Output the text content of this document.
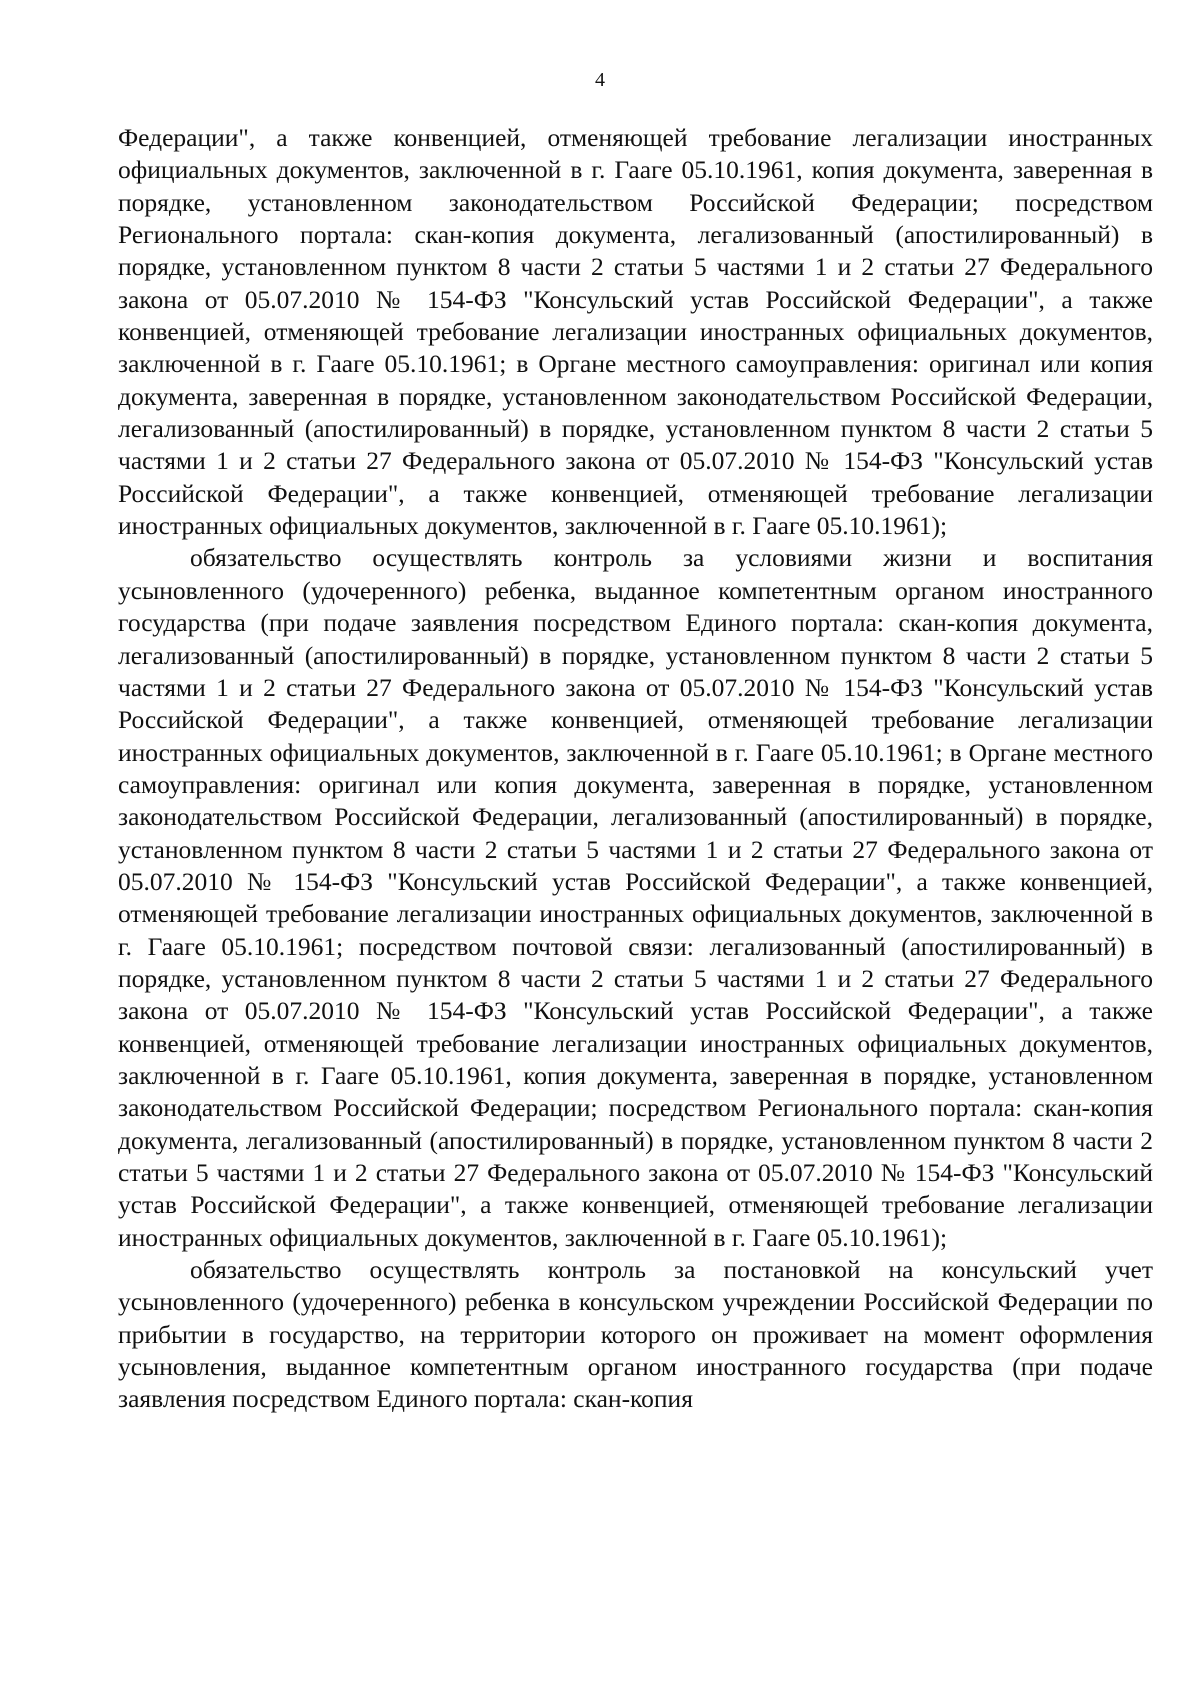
4

Федерации", а также конвенцией, отменяющей требование легализации иностранных официальных документов, заключенной в г. Гааге 05.10.1961, копия документа, заверенная в порядке, установленном законодательством Российской Федерации; посредством Регионального портала: скан-копия документа, легализованный (апостилированный) в порядке, установленном пунктом 8 части 2 статьи 5 частями 1 и 2 статьи 27 Федерального закона от 05.07.2010 № 154-ФЗ "Консульский устав Российской Федерации", а также конвенцией, отменяющей требование легализации иностранных официальных документов, заключенной в г. Гааге 05.10.1961; в Органе местного самоуправления: оригинал или копия документа, заверенная в порядке, установленном законодательством Российской Федерации, легализованный (апостилированный) в порядке, установленном пунктом 8 части 2 статьи 5 частями 1 и 2 статьи 27 Федерального закона от 05.07.2010 № 154-ФЗ "Консульский устав Российской Федерации", а также конвенцией, отменяющей требование легализации иностранных официальных документов, заключенной в г. Гааге 05.10.1961);

обязательство осуществлять контроль за условиями жизни и воспитания усыновленного (удочеренного) ребенка, выданное компетентным органом иностранного государства (при подаче заявления посредством Единого портала: скан-копия документа, легализованный (апостилированный) в порядке, установленном пунктом 8 части 2 статьи 5 частями 1 и 2 статьи 27 Федерального закона от 05.07.2010 № 154-ФЗ "Консульский устав Российской Федерации", а также конвенцией, отменяющей требование легализации иностранных официальных документов, заключенной в г. Гааге 05.10.1961; в Органе местного самоуправления: оригинал или копия документа, заверенная в порядке, установленном законодательством Российской Федерации, легализованный (апостилированный) в порядке, установленном пунктом 8 части 2 статьи 5 частями 1 и 2 статьи 27 Федерального закона от 05.07.2010 № 154-ФЗ "Консульский устав Российской Федерации", а также конвенцией, отменяющей требование легализации иностранных официальных документов, заключенной в г. Гааге 05.10.1961; посредством почтовой связи: легализованный (апостилированный) в порядке, установленном пунктом 8 части 2 статьи 5 частями 1 и 2 статьи 27 Федерального закона от 05.07.2010 № 154-ФЗ "Консульский устав Российской Федерации", а также конвенцией, отменяющей требование легализации иностранных официальных документов, заключенной в г. Гааге 05.10.1961, копия документа, заверенная в порядке, установленном законодательством Российской Федерации; посредством Регионального портала: скан-копия документа, легализованный (апостилированный) в порядке, установленном пунктом 8 части 2 статьи 5 частями 1 и 2 статьи 27 Федерального закона от 05.07.2010 № 154-ФЗ "Консульский устав Российской Федерации", а также конвенцией, отменяющей требование легализации иностранных официальных документов, заключенной в г. Гааге 05.10.1961);

обязательство осуществлять контроль за постановкой на консульский учет усыновленного (удочеренного) ребенка в консульском учреждении Российской Федерации по прибытии в государство, на территории которого он проживает на момент оформления усыновления, выданное компетентным органом иностранного государства (при подаче заявления посредством Единого портала: скан-копия
